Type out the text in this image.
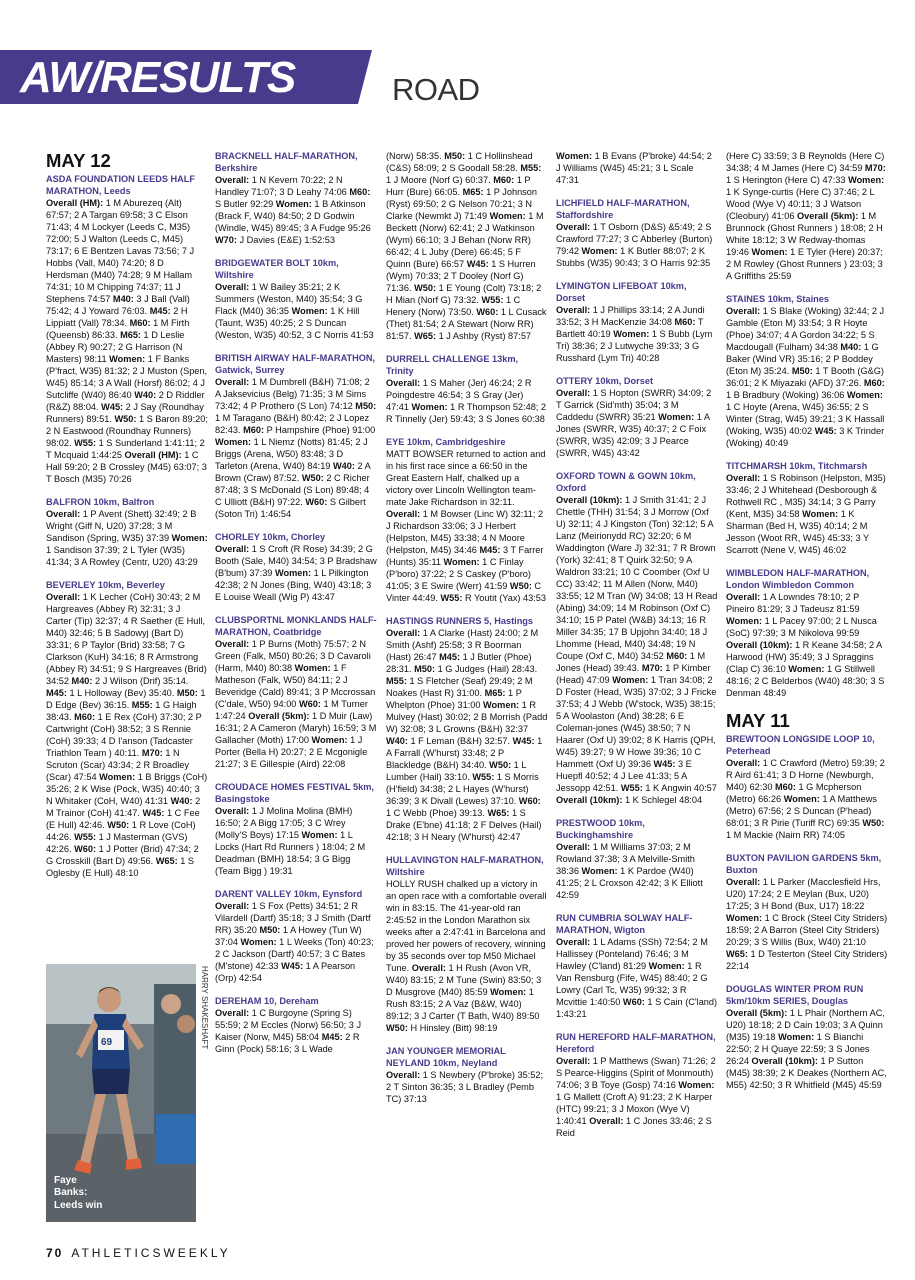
AW/RESULTS	ROAD
MAY 12

ASDA FOUNDATION LEEDS HALF MARATHON, Leeds

Overall (HM): 1 M Aburezeq (Alt) 67:57; 2 A Targan 69:58; 3 C Elson 71:43; 4 M Lockyer (Leeds C, M35) 72:00; 5 J Walton (Leeds C, M45) 73:17; 6 E Bentzen Lavas 73:56; 7 J Hobbs (Vall, M40) 74:20; 8 D Herdsman (M40) 74:28; 9 M Hallam 74:31; 10 M Chipping 74:37; 11 J Stephens 74:57 M40: 3 J Ball (Vall) 75:42; 4 J Yoward 76:03. M45: 2 H Lippiatt (Vall) 78:34. M60: 1 M Firth (Queensb) 86:33. M65: 1 D Leslie (Abbey R) 90:27; 2 G Harrison (N Masters) 98:11 Women: 1 F Banks (P'fract, W35) 81:32; 2 J Muston (Spen, W45) 85:14; 3 A Wall (Horsf) 86:02; 4 J Sutcliffe (W40) 86:40 W40: 2 D Riddler (R&Z) 88:04. W45: 2 J Say (Roundhay Runners) 89:51. W50: 1 S Baron 89:20; 2 N Eastwood (Roundhay Runners) 98:02. W55: 1 S Sunderland 1:41:11; 2 T Mcquaid 1:44:25 Overall (HM): 1 C Hall 59:20; 2 B Crossley (M45) 63:07; 3 T Bosch (M35) 70:26

BALFRON 10km, Balfron

Overall: 1 P Avent (Shett) 32:49; 2 B Wright (Giff N, U20) 37:28; 3 M Sandison (Spring, W35) 37:39 Women: 1 Sandison 37:39; 2 L Tyler (W35) 41:34; 3 A Rowley (Centr, U20) 43:29

BEVERLEY 10km, Beverley

Overall: 1 K Lecher (CoH) 30:43; 2 M Hargreaves (Abbey R) 32:31; 3 J Carter (Tip) 32:37; 4 R Saether (E Hull, M40) 32:46; 5 B Sadowyj (Bart D) 33:31; 6 P Taylor (Brid) 33:58; 7 G Clarkson (KuH) 34:16; 8 R Armstrong (Abbey R) 34:51; 9 S Hargreaves (Brid) 34:52 M40: 2 J Wilson (Drif) 35:14. M45: 1 L Holloway (Bev) 35:40. M50: 1 D Edge (Bev) 36:15. M55: 1 G Haigh 38:43. M60: 1 E Rex (CoH) 37:30; 2 P Cartwright (CoH) 38:52; 3 S Rennie (CoH) 39:33; 4 D I'anson (Tadcaster Triathlon Team ) 40:11. M70: 1 N Scruton (Scar) 43:34; 2 R Broadley (Scar) 47:54 Women: 1 B Briggs (CoH) 35:26; 2 K Wise (Pock, W35) 40:40; 3 N Whitaker (CoH, W40) 41:31 W40: 2 M Trainor (CoH) 41:47. W45: 1 C Fee (E Hull) 42:46. W50: 1 R Love (CoH) 44:26. W55: 1 J Masterman (GVS) 42:26. W60: 1 J Potter (Brid) 47:34; 2 G Crosskill (Bart D) 49:56. W65: 1 S Oglesby (E Hull) 48:10

BRACKNELL HALF-MARATHON, Berkshire

Overall: 1 N Kevern 70:22; 2 N Handley 71:07; 3 D Leahy 74:06 M60: S Butler 92:29 Women: 1 B Atkinson (Brack F, W40) 84:50; 2 D Godwin (Windle, W45) 89:45; 3 A Fudge 95:26 W70: J Davies (E&E) 1:52:53

BRIDGEWATER BOLT 10km, Wiltshire

Overall: 1 W Bailey 35:21; 2 K Summers (Weston, M40) 35:54; 3 G Flack (M40) 36:35 Women: 1 K Hill (Taunt, W35) 40:25; 2 S Duncan (Weston, W35) 40:52, 3 C Norris 41:53

BRITISH AIRWAY HALF-MARATHON, Gatwick, Surrey

Overall: 1 M Dumbrell (B&H) 71:08; 2 A Jaksevicius (Belg) 71:35; 3 M Sims 73:42; 4 P Prothero (S Lon) 74:12 M50: 1 M Taragano (B&H) 80:42; 2 J Lopez 82:43. M60: P Hampshire (Phoe) 91:00 Women: 1 L Niemz (Notts) 81:45; 2 J Briggs (Arena, W50) 83:48; 3 D Tarleton (Arena, W40) 84:19 W40: 2 A Brown (Craw) 87:52. W50: 2 C Richer 87:48; 3 S McDonald (S Lon) 89:48; 4 C Ulliott (B&H) 97:22. W60: S Gilbert (Soton Tri) 1:46:54

CHORLEY 10km, Chorley

Overall: 1 S Croft (R Rose) 34:39; 2 G Booth (Sale, M40) 34:54; 3 P Bradshaw (B'bum) 37:39 Women: 1 L Pilkington 42:38; 2 N Jones (Bing, W40) 43:18; 3 E Louise Weall (Wig P) 43:47

CLUBSPORTNL MONKLANDS HALF-MARATHON, Coatbridge

Overall: 1 P Burns (Moth) 75:57; 2 N Green (Falk, M50) 80:26; 3 D Cavaroli (Harm, M40) 80:38 Women: 1 F Matheson (Falk, W50) 84:11; 2 J Beveridge (Cald) 89:41; 3 P Mccrossan (C'dale, W50) 94:00 W60: 1 M Turner 1:47:24 Overall (5km): 1 D Muir (Law) 16:31; 2 A Cameron (Maryh) 16:59; 3 M Gallacher (Moth) 17:00 Women: 1 J Porter (Bella H) 20:27; 2 E Mcgonigle 21:27; 3 E Gillespie (Aird) 22:08

CROUDACE HOMES FESTIVAL 5km, Basingstoke

Overall: 1 J Molina Molina (BMH) 16:50; 2 A Bigg 17:05; 3 C Wrey (Molly'S Boys) 17:15 Women: 1 L Locks (Hart Rd Runners ) 18:04; 2 M Deadman (BMH) 18:54; 3 G Bigg (Team Bigg ) 19:31

DARENT VALLEY 10km, Eynsford

Overall: 1 S Fox (Petts) 34:51; 2 R Vilardell (Dartf) 35:18; 3 J Smith (Dartf RR) 35:20 M50: 1 A Howey (Tun W) 37:04 Women: 1 L Weeks (Ton) 40:23; 2 C Jackson (Dartf) 40:57; 3 C Bates (M'stone) 42:33 W45: 1 A Pearson (Orp) 42:54

DEREHAM 10, Dereham

Overall: 1 C Burgoyne (Spring S) 55:59; 2 M Eccles (Norw) 56:50; 3 J Kaiser (Norw, M45) 58:04 M45: 2 R Ginn (Pock) 58:16; 3 L Wade

(Norw) 58:35. M50: 1 C Hollinshead (C&S) 58:09; 2 S Goodall 58:28. M55: 1 J Moore (Norf G) 60:37. M60: 1 P Hurr (Bure) 66:05. M65: 1 P Johnson (Ryst) 69:50; 2 G Nelson 70:21; 3 N Clarke (Newmkt J) 71:49 Women: 1 M Beckett (Norw) 62:41; 2 J Watkinson (Wym) 66:10; 3 J Behan (Norw RR) 66:42; 4 L Juby (Dere) 66:45; 5 F Quinn (Bure) 66:57 W45: 1 S Hurren (Wym) 70:33; 2 T Dooley (Norf G) 71:36. W50: 1 E Young (Colt) 73:18; 2 H Mian (Norf G) 73:32. W55: 1 C Henery (Norw) 73:50. W60: 1 L Cusack (Thet) 81:54; 2 A Stewart (Norw RR) 81:57. W65: 1 J Ashby (Ryst) 87:57

DURRELL CHALLENGE 13km, Trinity

Overall: 1 S Maher (Jer) 46:24; 2 R Poingdestre 46:54; 3 S Gray (Jer) 47:41 Women: 1 R Thompson 52:48; 2 R Tinnelly (Jer) 59:43; 3 S Jones 60:38

EYE 10km, Cambridgeshire

MATT BOWSER returned to action and in his first race since a 66:50 in the Great Eastern Half, chalked up a victory over Lincoln Wellington team-mate Jake Richardson in 32:11. Overall: 1 M Bowser (Linc W) 32:11; 2 J Richardson 33:06; 3 J Herbert (Helpston, M45) 33:38; 4 N Moore (Helpston, M45) 34:46 M45: 3 T Farrer (Hunts) 35:11 Women: 1 C Finlay (P'boro) 37:22; 2 S Caskey (P'boro) 41:05; 3 E Swire (Werr) 41:59 W50: C Vinter 44:49. W55: R Youtit (Yax) 43:53

HASTINGS RUNNERS 5, Hastings

Overall: 1 A Clarke (Hast) 24:00; 2 M Smith (Ashf) 25:58; 3 R Boorman (Hast) 26:47 M45: 1 J Butler (Phoe) 28:31. M50: 1 G Judges (Hail) 28:43. M55: 1 S Fletcher (Seaf) 29:49; 2 M Noakes (Hast R) 31:00. M65: 1 P Whelpton (Phoe) 31:00 Women: 1 R Mulvey (Hast) 30:02; 2 B Morrish (Padd W) 32:08; 3 L Growns (B&H) 32:37 W40: 1 F Leman (B&H) 32:57. W45: 1 A Farrall (W'hurst) 33:48; 2 P Blackledge (B&H) 34:40. W50: 1 L Lumber (Hail) 33:10. W55: 1 S Morris (H'field) 34:38; 2 L Hayes (W'hurst) 36:39; 3 K Divall (Lewes) 37:10. W60: 1 C Webb (Phoe) 39:13. W65: 1 S Drake (E'bne) 41:18; 2 F Delves (Hail) 42:18; 3 H Neary (W'hurst) 42:47

HULLAVINGTON HALF-MARATHON, Wiltshire

HOLLY RUSH chalked up a victory in an open race with a comfortable overall win in 83:15. The 41-year-old ran 2:45:52 in the London Marathon six weeks after a 2:47:41 in Barcelona and proved her powers of recovery, winning by 35 seconds over top M50 Michael Tune. Overall: 1 H Rush (Avon VR, W40) 83:15; 2 M Tune (Swin) 83:50; 3 D Musgrove (M40) 85:59 Women: 1 Rush 83:15; 2 A Vaz (B&W, W40) 89:12; 3 J Carter (T Bath, W40) 89:50 W50: H Hinsley (Bitt) 98:19

JAN YOUNGER MEMORIAL NEYLAND 10km, Neyland

Overall: 1 S Newbery (P'broke) 35:52; 2 T Sinton 36:35; 3 L Bradley (Pemb TC) 37:13

Women: 1 B Evans (P'broke) 44:54; 2 J Williams (W45) 45:21; 3 L Scale 47:31

LICHFIELD HALF-MARATHON, Staffordshire

Overall: 1 T Osborn (D&S) &5:49; 2 S Crawford 77:27; 3 C Abberley (Burton) 79:42 Women: 1 K Butler 88:07; 2 K Stubbs (W35) 90:43; 3 O Harris 92:35

LYMINGTON LIFEBOAT 10km, Dorset

Overall: 1 J Phillips 33:14; 2 A Jundi 33:52; 3 H MacKenzie 34:08 M60: T Bartlett 40:19 Women: 1 S Bubb (Lym Tri) 38:36; 2 J Lutwyche 39:33; 3 G Russhard (Lym Tri) 40:28

OTTERY 10km, Dorset

Overall: 1 S Hopton (SWRR) 34:09; 2 T Garrick (Sid'mth) 35:04; 3 M Caddedu (SWRR) 35:21 Women: 1 A Jones (SWRR, W35) 40:37; 2 C Foix (SWRR, W35) 42:09; 3 J Pearce (SWRR, W45) 43:42

OXFORD TOWN & GOWN 10km, Oxford

Overall (10km): 1 J Smith 31:41; 2 J Chettle (THH) 31:54; 3 J Morrow (Oxf U) 32:11; 4 J Kingston (Ton) 32:12; 5 A Lanz (Meirionydd RC) 32:20; 6 M Waddington (Ware J) 32:31; 7 R Brown (York) 32:41; 8 T Quirk 32:50; 9 A Waldron 33:21; 10 C Coomber (Oxf U CC) 33:42; 11 M Allen (Norw, M40) 33:55; 12 M Tran (W) 34:08; 13 H Read (Abing) 34:09; 14 M Robinson (Oxf C) 34:10; 15 P Patel (W&B) 34:13; 16 R Miller 34:35; 17 B Upjohn 34:40; 18 J Lhomme (Head, M40) 34:48; 19 N Coupe (Oxf C, M40) 34:52 M60: 1 M Jones (Head) 39:43. M70: 1 P Kimber (Head) 47:09 Women: 1 Tran 34:08; 2 D Foster (Head, W35) 37:02; 3 J Fricke 37:53; 4 J Webb (W'stock, W35) 38:15; 5 A Woolaston (And) 38:28; 6 E Coleman-jones (W45) 38:50; 7 N Haarer (Oxf U) 39:02; 8 K Harris (QPH, W45) 39:27; 9 W Howe 39:36; 10 C Hammett (Oxf U) 39:36 W45: 3 E Huepfl 40:52; 4 J Lee 41:33; 5 A Jessopp 42:51. W55: 1 K Angwin 40:57 Overall (10km): 1 K Schlegel 48:04

PRESTWOOD 10km, Buckinghamshire

Overall: 1 M Williams 37:03; 2 M Rowland 37:38; 3 A Melville-Smith 38:36 Women: 1 K Pardoe (W40) 41:25; 2 L Croxson 42:42; 3 K Elliott 42:59

RUN CUMBRIA SOLWAY HALF-MARATHON, Wigton

Overall: 1 L Adams (SSh) 72:54; 2 M Hallissey (Ponteland) 76:46; 3 M Hawley (C'land) 81:29 Women: 1 R Van Rensburg (Fife, W45) 88:40; 2 G Lowry (Carl Tc, W35) 99:32; 3 R Mcvittie 1:40:50 W60: 1 S Cain (C'land) 1:43:21

RUN HEREFORD HALF-MARATHON, Hereford

Overall: 1 P Matthews (Swan) 71:26; 2 S Pearce-Higgins (Spirit of Monmouth) 74:06; 3 B Toye (Gosp) 74:16 Women: 1 G Mallett (Croft A) 91:23; 2 K Harper (HTC) 99:21; 3 J Moxon (Wye V) 1:40:41 Overall: 1 C Jones 33:46; 2 S Reid

(Here C) 33:59; 3 B Reynolds (Here C) 34:38; 4 M James (Here C) 34:59 M70: 1 S Herington (Here C) 47:33 Women: 1 K Synge-curtis (Here C) 37:46; 2 L Wood (Wye V) 40:11; 3 J Watson (Cleobury) 41:06 Overall (5km): 1 M Brunnock (Ghost Runners ) 18:08; 2 H White 18:12; 3 W Redway-thomas 19:46 Women: 1 E Tyler (Here) 20:37; 2 M Rowley (Ghost Runners ) 23:03; 3 A Griffiths 25:59

STAINES 10km, Staines

Overall: 1 S Blake (Woking) 32:44; 2 J Gamble (Eton M) 33:54; 3 R Hoyte (Phoe) 34:07; 4 A Gordon 34:22; 5 S Macdougall (Fulham) 34:38 M40: 1 G Baker (Wind VR) 35:16; 2 P Boddey (Eton M) 35:24. M50: 1 T Booth (G&G) 36:01; 2 K Miyazaki (AFD) 37:26. M60: 1 B Bradbury (Woking) 36:06 Women: 1 C Hoyte (Arena, W45) 36:55; 2 S Winter (Strag, W45) 39:21; 3 K Hassall (Woking, W35) 40:02 W45: 3 K Trinder (Woking) 40:49

TITCHMARSH 10km, Titchmarsh

Overall: 1 S Robinson (Helpston, M35) 33:46; 2 J Whitehead (Desborough & Rothwell RC , M35) 34:14; 3 G Parry (Kent, M35) 34:58 Women: 1 K Sharman (Bed H, W35) 40:14; 2 M Jesson (Woot RR, W45) 45:33; 3 Y Scarrott (Nene V, W45) 46:02

WIMBLEDON HALF-MARATHON, London Wimbledon Common

Overall: 1 A Lowndes 78:10; 2 P Pineiro 81:29; 3 J Tadeusz 81:59 Women: 1 L Pacey 97:00; 2 L Nusca (SoC) 97:39; 3 M Nikolova 99:59 Overall (10km): 1 R Keane 34:58; 2 A Harwood (HW) 35:49; 3 J Spraggins (Clap C) 36:10 Women: 1 G Stillwell 48:16; 2 C Belderbos (W40) 48:30; 3 S Denman 48:49

MAY 11

BREWTOON LONGSIDE LOOP 10, Peterhead

Overall: 1 C Crawford (Metro) 59:39; 2 R Aird 61:41; 3 D Horne (Newburgh, M40) 62:30 M60: 1 G Mcpherson (Metro) 66:26 Women: 1 A Matthews (Metro) 67:56; 2 S Duncan (P'head) 68:01; 3 R Pirie (Turiff RC) 69:35 W50: 1 M Mackie (Nairn RR) 74:05

BUXTON PAVILION GARDENS 5km, Buxton

Overall: 1 L Parker (Macclesfield Hrs, U20) 17:24; 2 E Meylan (Bux, U20) 17:25; 3 H Bond (Bux, U17) 18:22 Women: 1 C Brock (Steel City Striders) 18:59; 2 A Barron (Steel City Striders) 20:29; 3 S Willis (Bux, W40) 21:10 W65: 1 D Testerton (Steel City Striders) 22:14

DOUGLAS WINTER PROM RUN 5km/10km SERIES, Douglas

Overall (5km): 1 L Phair (Northern AC, U20) 18:18; 2 D Cain 19:03; 3 A Quinn (M35) 19:18 Women: 1 S Bianchi 22:50; 2 H Quaye 22:59; 3 S Jones 26:24 Overall (10km): 1 P Sutton (M45) 38:39; 2 K Deakes (Northern AC, M55) 42:50; 3 R Whitfield (M45) 45:59

69
Faye
Banks:
Leeds win
HARRY SHAKESHAFT
70 ATHLETICSWEEKLY
